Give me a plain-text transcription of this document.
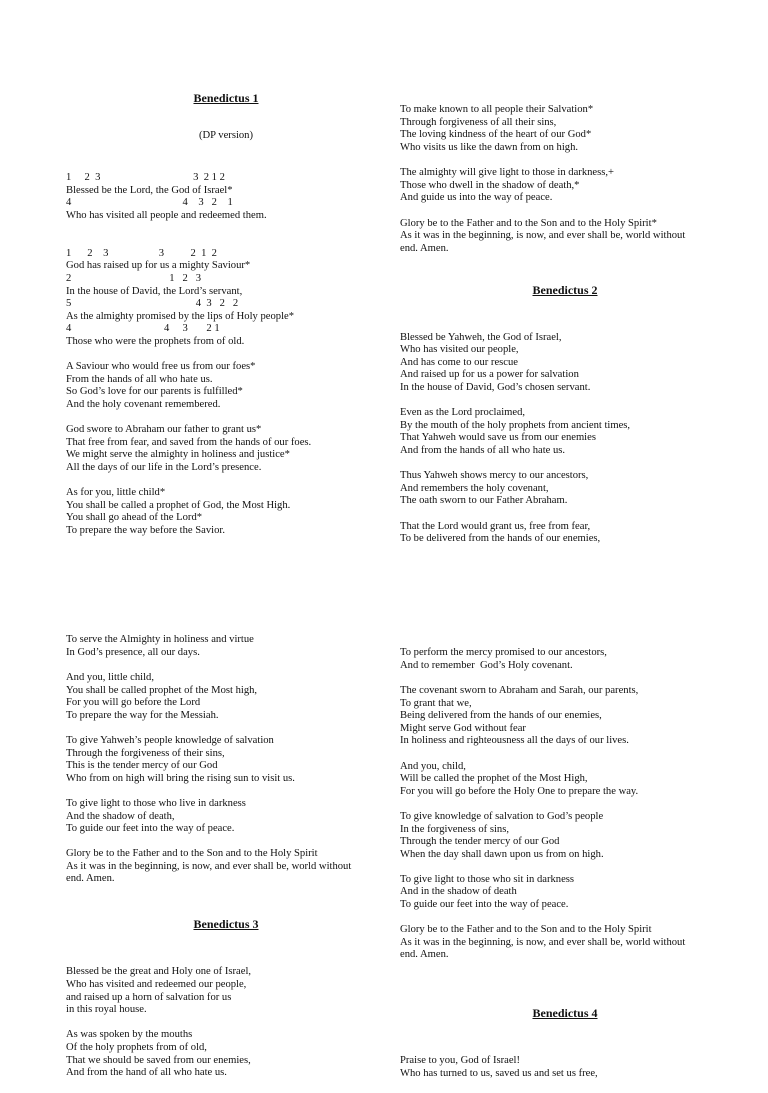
Benedictus 1

(DP version)

1     2  3                                   3  2 1 2
Blessed be the Lord, the God of Israel*
4                                          4    3   2    1
Who has visited all people and redeemed them.
1      2    3                   3          2  1  2
God has raised up for us a mighty Saviour*
2                                     1   2   3
In the house of David, the Lord’s servant,
5                                               4  3   2   2
As the almighty promised by the lips of Holy people*
4                                   4     3       2 1
Those who were the prophets from of old.
A Saviour who would free us from our foes*
From the hands of all who hate us.
So God’s love for our parents is fulfilled*
And the holy covenant remembered.
God swore to Abraham our father to grant us*
That free from fear, and saved from the hands of our foes.
We might serve the almighty in holiness and justice*
All the days of our life in the Lord’s presence.
As for you, little child*
You shall be called a prophet of God, the Most High.
You shall go ahead of the Lord*
To prepare the way before the Savior.

To make known to all people their Salvation*
Through forgiveness of all their sins,
The loving kindness of the heart of our God*
Who visits us like the dawn from on high.
The almighty will give light to those in darkness,+
Those who dwell in the shadow of death,*
And guide us into the way of peace.
Glory be to the Father and to the Son and to the Holy Spirit*
As it was in the beginning, is now, and ever shall be, world without
end. Amen.

Benedictus 2

Blessed be Yahweh, the God of Israel,
Who has visited our people,
And has come to our rescue
And raised up for us a power for salvation
In the house of David, God’s chosen servant.
Even as the Lord proclaimed,
By the mouth of the holy prophets from ancient times,
That Yahweh would save us from our enemies
And from the hands of all who hate us.
Thus Yahweh shows mercy to our ancestors,
And remembers the holy covenant,
The oath sworn to our Father Abraham.
That the Lord would grant us, free from fear,
To be delivered from the hands of our enemies,

To serve the Almighty in holiness and virtue
In God’s presence, all our days.
And you, little child,
You shall be called prophet of the Most high,
For you will go before the Lord
To prepare the way for the Messiah.
To give Yahweh’s people knowledge of salvation
Through the forgiveness of their sins,
This is the tender mercy of our God
Who from on high will bring the rising sun to visit us.
To give light to those who live in darkness
And the shadow of death,
To guide our feet into the way of peace.
Glory be to the Father and to the Son and to the Holy Spirit
As it was in the beginning, is now, and ever shall be, world without
end. Amen.

Benedictus 3

Blessed be the great and Holy one of Israel,
Who has visited and redeemed our people,
and raised up a horn of salvation for us
in this royal house.
As was spoken by the mouths
Of the holy prophets from of old,
That we should be saved from our enemies,
And from the hand of all who hate us.

To perform the mercy promised to our ancestors,
And to remember  God’s Holy covenant.
The covenant sworn to Abraham and Sarah, our parents,
To grant that we,
Being delivered from the hands of our enemies,
Might serve God without fear
In holiness and righteousness all the days of our lives.
And you, child,
Will be called the prophet of the Most High,
For you will go before the Holy One to prepare the way.
To give knowledge of salvation to God’s people
In the forgiveness of sins,
Through the tender mercy of our God
When the day shall dawn upon us from on high.
To give light to those who sit in darkness
And in the shadow of death
To guide our feet into the way of peace.
Glory be to the Father and to the Son and to the Holy Spirit
As it was in the beginning, is now, and ever shall be, world without
end. Amen.

Benedictus 4

Praise to you, God of Israel!
Who has turned to us, saved us and set us free,
